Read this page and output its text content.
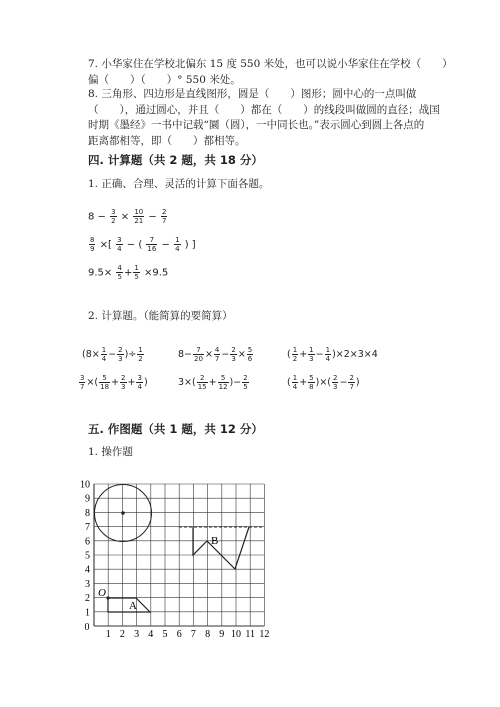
7. 小华家住在学校北偏东 15 度 550 米处，也可以说小华家住在学校（　　）
偏（　　）（　　）° 550 米处。
8. 三角形、四边形是直线图形，圆是（　　）图形；圆中心的一点叫做
（　　），通过圆心，并且（　　）都在（　　）的线段叫做圆的直径；战国
时期《墨经》一书中记载“圜（圆），一中同长也。”表示圆心到圆上各点的
距离都相等，即（　　）都相等。
四. 计算题（共 2 题，共 18 分）
1. 正确、合理、灵活的计算下面各题。
$8 - \frac{3}{2} \times \frac{10}{21} - \frac{2}{7}$
$\frac{8}{9}$ ×[ $\frac{3}{4}$ − ( $\frac{7}{16} - \frac{1}{4}$ ) ]
$9.5\times \frac{4}{5} + \frac{1}{5} \times 9.5$
2. 计算题。（能简算的要简算）
($8\times \frac{1}{4} - \frac{2}{3}$ )÷ $\frac{1}{2}$	$8- \frac{7}{20} \times \frac{4}{7} - \frac{2}{3} \times \frac{5}{6}$	( $\frac{1}{2} + \frac{1}{3} - \frac{1}{4} )\times 2\times 3\times 4$
$\frac{3}{7}$ ×( $\frac{5}{18} + \frac{2}{3} + \frac{3}{4}$ )	$3\times( \frac{2}{15} + \frac{5}{12}$ )− $\frac{2}{5}$	( $\frac{1}{4} + \frac{5}{8}$ )×( $\frac{2}{3} - \frac{2}{7}$ )
五. 作图题（共 1 题，共 12 分）
1. 操作题
1
2
3
4
5
6
7
8
9
10
1 2 3 4 5 6 7 8 9 10 11 12
0
A
O
B
